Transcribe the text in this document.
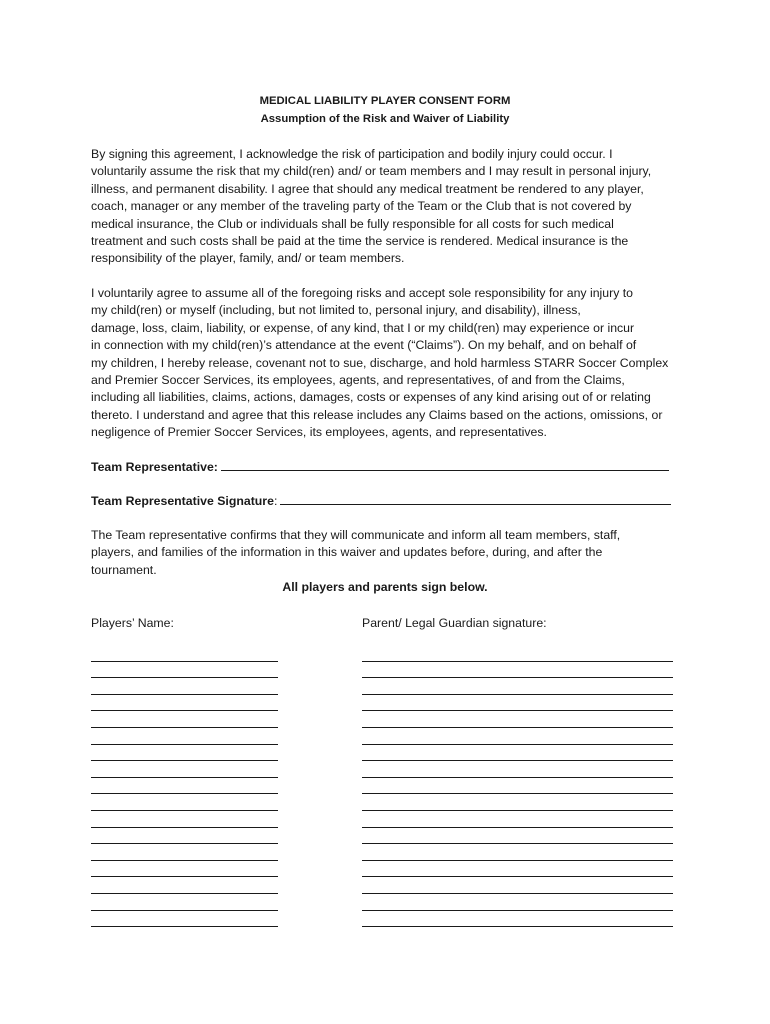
MEDICAL LIABILITY PLAYER CONSENT FORM
Assumption of the Risk and Waiver of Liability
By signing this agreement, I acknowledge the risk of participation and bodily injury could occur. I
voluntarily assume the risk that my child(ren) and/ or team members and I may result in personal injury,
illness, and permanent disability. I agree that should any medical treatment be rendered to any player,
coach, manager or any member of the traveling party of the Team or the Club that is not covered by
medical insurance, the Club or individuals shall be fully responsible for all costs for such medical
treatment and such costs shall be paid at the time the service is rendered. Medical insurance is the
responsibility of the player, family, and/ or team members.
I voluntarily agree to assume all of the foregoing risks and accept sole responsibility for any injury to
my child(ren) or myself (including, but not limited to, personal injury, and disability), illness,
damage, loss, claim, liability, or expense, of any kind, that I or my child(ren) may experience or incur
in connection with my child(ren)’s attendance at the event (“Claims”). On my behalf, and on behalf of
my children, I hereby release, covenant not to sue, discharge, and hold harmless STARR Soccer Complex
and Premier Soccer Services, its employees, agents, and representatives, of and from the Claims,
including all liabilities, claims, actions, damages, costs or expenses of any kind arising out of or relating
thereto. I understand and agree that this release includes any Claims based on the actions, omissions, or
negligence of Premier Soccer Services, its employees, agents, and representatives.
Team Representative:
Team Representative Signature:
The Team representative confirms that they will communicate and inform all team members, staff,
players, and families of the information in this waiver and updates before, during, and after the
tournament.
All players and parents sign below.
Players’ Name:	Parent/ Legal Guardian signature:
